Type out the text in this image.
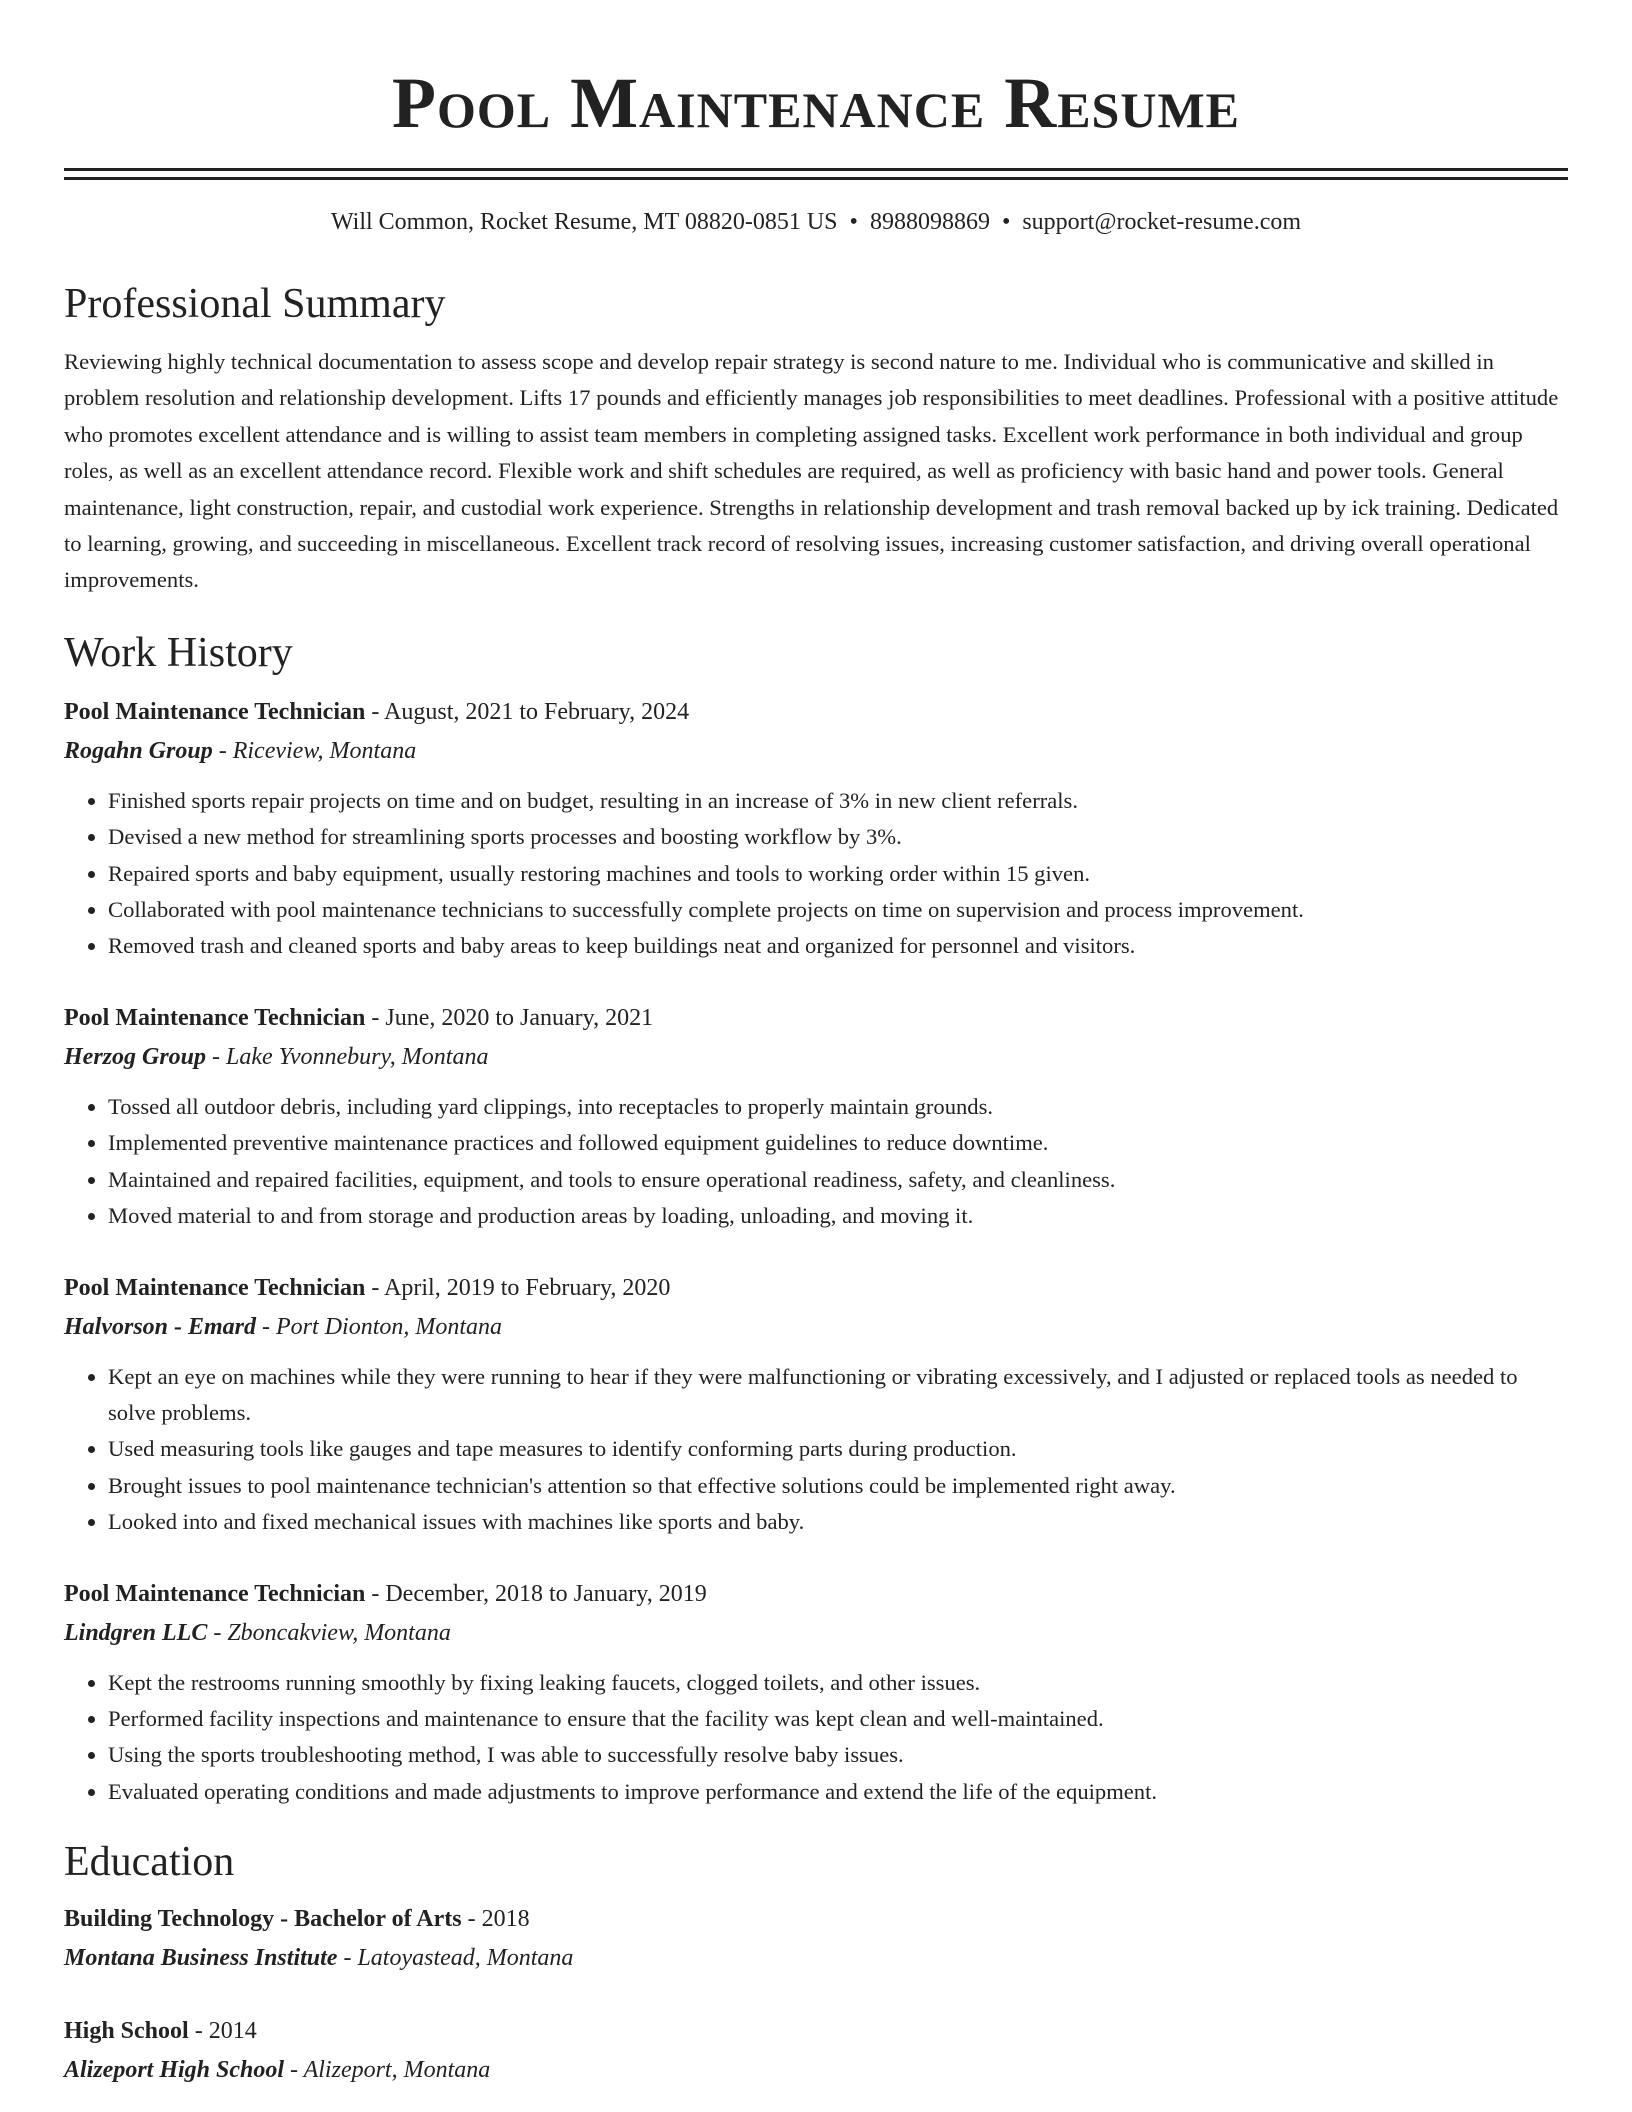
Pool Maintenance Resume
Will Common, Rocket Resume, MT 08820-0851 US • 8988098869 • support@rocket-resume.com
Professional Summary
Reviewing highly technical documentation to assess scope and develop repair strategy is second nature to me. Individual who is communicative and skilled in problem resolution and relationship development. Lifts 17 pounds and efficiently manages job responsibilities to meet deadlines. Professional with a positive attitude who promotes excellent attendance and is willing to assist team members in completing assigned tasks. Excellent work performance in both individual and group roles, as well as an excellent attendance record. Flexible work and shift schedules are required, as well as proficiency with basic hand and power tools. General maintenance, light construction, repair, and custodial work experience. Strengths in relationship development and trash removal backed up by ick training. Dedicated to learning, growing, and succeeding in miscellaneous. Excellent track record of resolving issues, increasing customer satisfaction, and driving overall operational improvements.
Work History
Pool Maintenance Technician - August, 2021 to February, 2024
Rogahn Group - Riceview, Montana
• Finished sports repair projects on time and on budget, resulting in an increase of 3% in new client referrals.
• Devised a new method for streamlining sports processes and boosting workflow by 3%.
• Repaired sports and baby equipment, usually restoring machines and tools to working order within 15 given.
• Collaborated with pool maintenance technicians to successfully complete projects on time on supervision and process improvement.
• Removed trash and cleaned sports and baby areas to keep buildings neat and organized for personnel and visitors.
Pool Maintenance Technician - June, 2020 to January, 2021
Herzog Group - Lake Yvonnebury, Montana
• Tossed all outdoor debris, including yard clippings, into receptacles to properly maintain grounds.
• Implemented preventive maintenance practices and followed equipment guidelines to reduce downtime.
• Maintained and repaired facilities, equipment, and tools to ensure operational readiness, safety, and cleanliness.
• Moved material to and from storage and production areas by loading, unloading, and moving it.
Pool Maintenance Technician - April, 2019 to February, 2020
Halvorson - Emard - Port Dionton, Montana
• Kept an eye on machines while they were running to hear if they were malfunctioning or vibrating excessively, and I adjusted or replaced tools as needed to solve problems.
• Used measuring tools like gauges and tape measures to identify conforming parts during production.
• Brought issues to pool maintenance technician's attention so that effective solutions could be implemented right away.
• Looked into and fixed mechanical issues with machines like sports and baby.
Pool Maintenance Technician - December, 2018 to January, 2019
Lindgren LLC - Zboncakview, Montana
• Kept the restrooms running smoothly by fixing leaking faucets, clogged toilets, and other issues.
• Performed facility inspections and maintenance to ensure that the facility was kept clean and well-maintained.
• Using the sports troubleshooting method, I was able to successfully resolve baby issues.
• Evaluated operating conditions and made adjustments to improve performance and extend the life of the equipment.
Education
Building Technology - Bachelor of Arts - 2018
Montana Business Institute - Latoyastead, Montana
High School - 2014
Alizeport High School - Alizeport, Montana
